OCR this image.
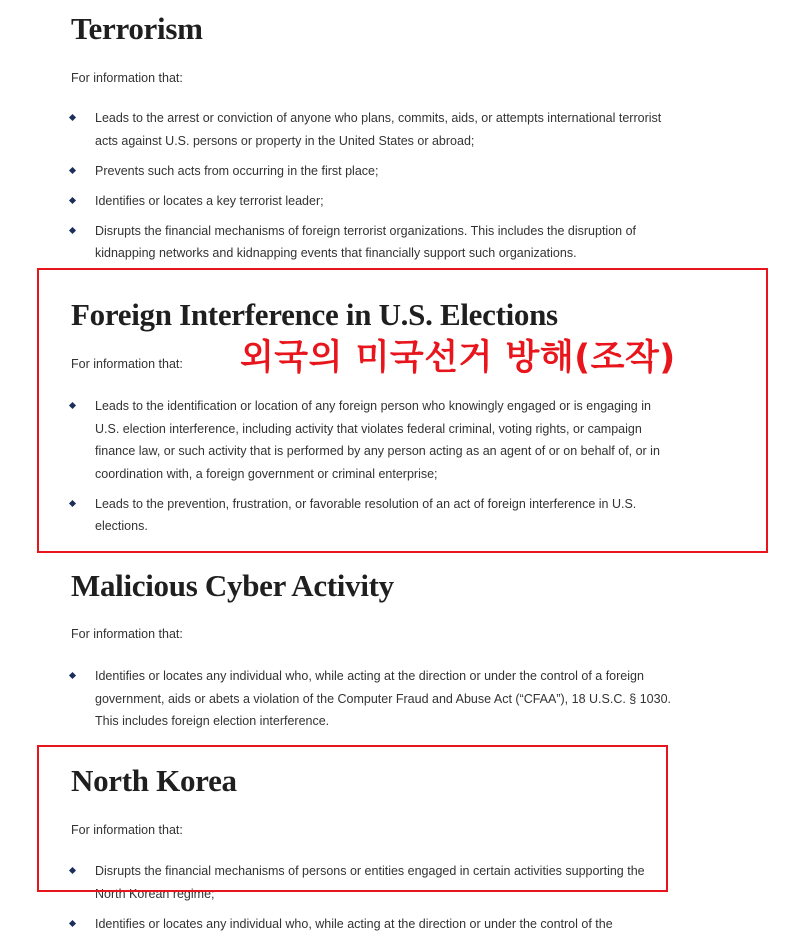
Terrorism

For information that:

Leads to the arrest or conviction of anyone who plans, commits, aids, or attempts international terrorist acts against U.S. persons or property in the United States or abroad;
Prevents such acts from occurring in the first place;
Identifies or locates a key terrorist leader;
Disrupts the financial mechanisms of foreign terrorist organizations. This includes the disruption of kidnapping networks and kidnapping events that financially support such organizations.
Foreign Interference in U.S. Elections

For information that:

Leads to the identification or location of any foreign person who knowingly engaged or is engaging in U.S. election interference, including activity that violates federal criminal, voting rights, or campaign finance law, or such activity that is performed by any person acting as an agent of or on behalf of, or in coordination with, a foreign government or criminal enterprise;
Leads to the prevention, frustration, or favorable resolution of an act of foreign interference in U.S. elections.
Malicious Cyber Activity

For information that:

Identifies or locates any individual who, while acting at the direction or under the control of a foreign government, aids or abets a violation of the Computer Fraud and Abuse Act (“CFAA”), 18 U.S.C. § 1030. This includes foreign election interference.
North Korea

For information that:

Disrupts the financial mechanisms of persons or entities engaged in certain activities supporting the North Korean regime;
Identifies or locates any individual who, while acting at the direction or under the control of the
외국의 미국선거 방해(조작)
